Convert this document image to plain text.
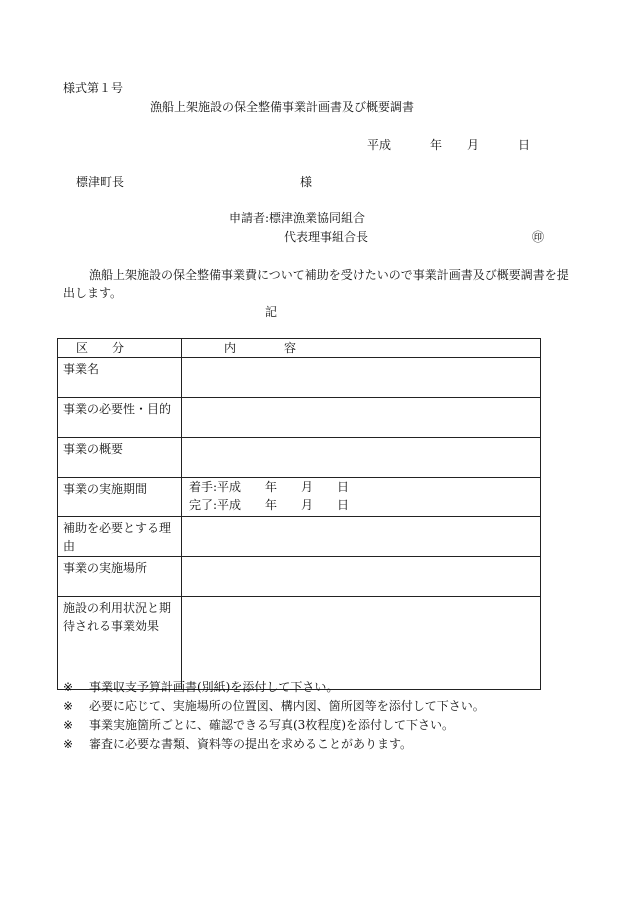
様式第１号
漁船上架施設の保全整備事業計画書及び概要調書
平成	年 月	日
標津町長	様
申請者:標津漁業協同組合
代表理事組合長	㊞
漁船上架施設の保全整備事業費について補助を受けたいので事業計画書及び概要調書を提出します。
記
区　　分	内　　　　容
事業名	
事業の必要性・目的	
事業の概要	
事業の実施期間	着手:平成　　年　　月　　日
完了:平成　　年　　月　　日

補助を必要とする理由	
事業の実施場所	
施設の利用状況と期待される事業効果	
※ 事業収支予算計画書(別紙)を添付して下さい。
※ 必要に応じて、実施場所の位置図、構内図、箇所図等を添付して下さい。
※ 事業実施箇所ごとに、確認できる写真(3枚程度)を添付して下さい。
※ 審査に必要な書類、資料等の提出を求めることがあります。
